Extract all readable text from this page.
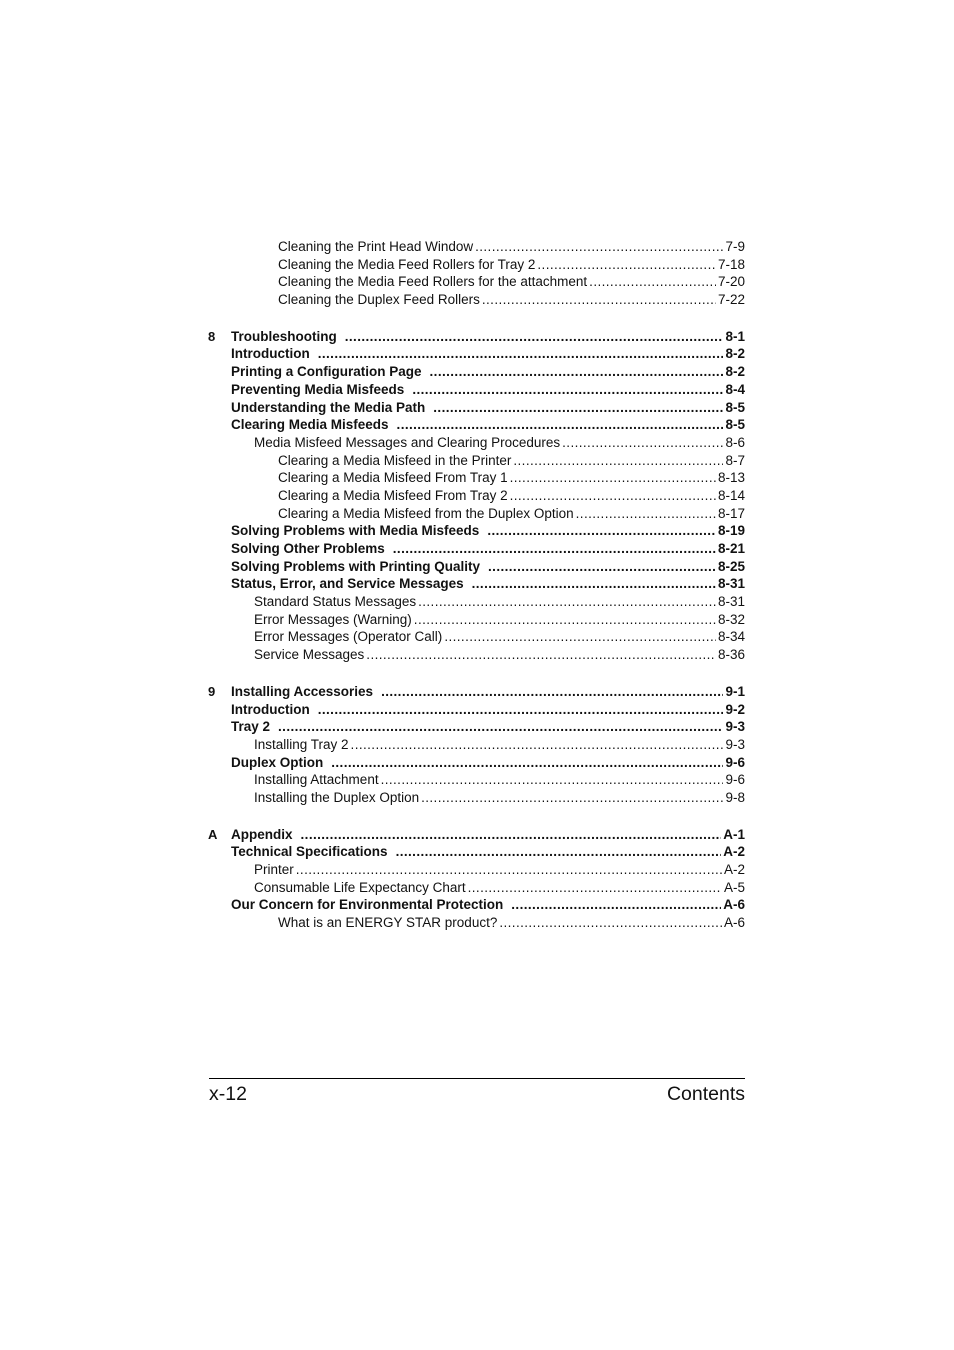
Cleaning the Print Head Window .....	7-9
Cleaning the Media Feed Rollers for Tray 2 .....	7-18
Cleaning the Media Feed Rollers for the attachment .....	7-20
Cleaning the Duplex Feed Rollers .....	7-22
8 Troubleshooting .....	8-1
Introduction .....	8-2
Printing a Configuration Page .....	8-2
Preventing Media Misfeeds .....	8-4
Understanding the Media Path .....	8-5
Clearing Media Misfeeds .....	8-5
Media Misfeed Messages and Clearing Procedures .....	8-6
Clearing a Media Misfeed in the Printer .....	8-7
Clearing a Media Misfeed From Tray 1 .....	8-13
Clearing a Media Misfeed From Tray 2 .....	8-14
Clearing a Media Misfeed from the Duplex Option .....	8-17
Solving Problems with Media Misfeeds .....	8-19
Solving Other Problems .....	8-21
Solving Problems with Printing Quality .....	8-25
Status, Error, and Service Messages .....	8-31
Standard Status Messages .....	8-31
Error Messages (Warning) .....	8-32
Error Messages (Operator Call) .....	8-34
Service Messages .....	8-36
9 Installing Accessories .....	9-1
Introduction .....	9-2
Tray 2 .....	9-3
Installing Tray 2 .....	9-3
Duplex Option .....	9-6
Installing Attachment .....	9-6
Installing the Duplex Option .....	9-8
A Appendix .....	A-1
Technical Specifications .....	A-2
Printer .....	A-2
Consumable Life Expectancy Chart .....	A-5
Our Concern for Environmental Protection .....	A-6
What is an ENERGY STAR product? .....	A-6
x-12	Contents
